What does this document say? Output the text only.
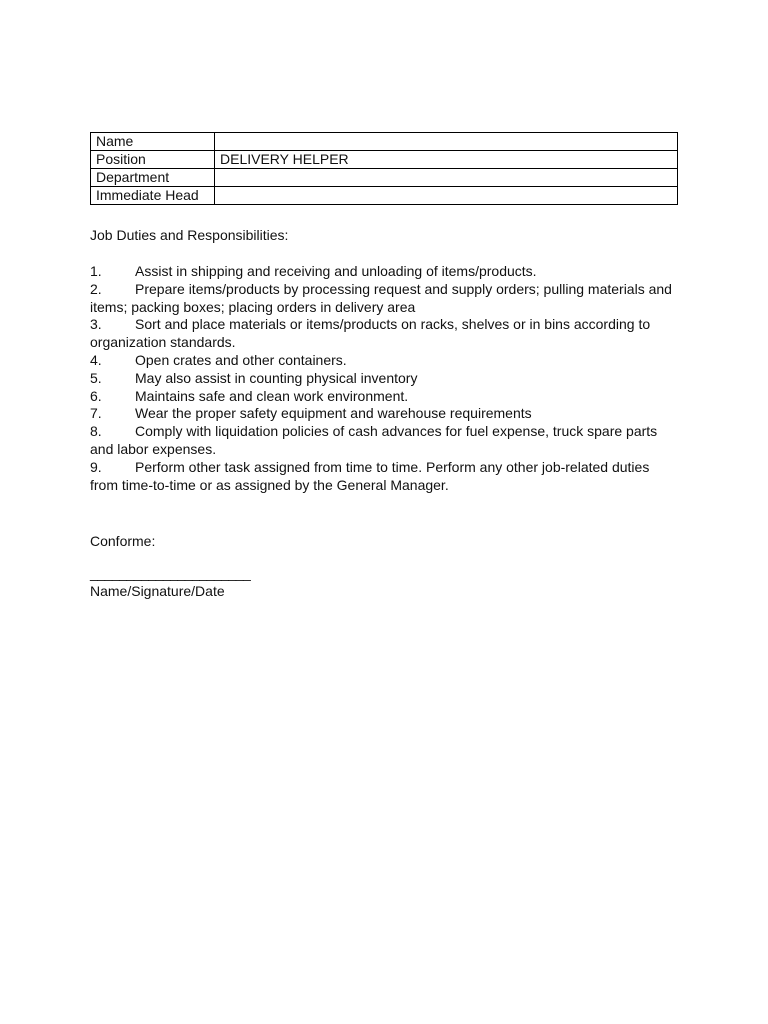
Name	
Position	DELIVERY HELPER
Department	
Immediate Head	
Job Duties and Responsibilities:
1. Assist in shipping and receiving and unloading of items/products.
2. Prepare items/products by processing request and supply orders; pulling materials and items; packing boxes; placing orders in delivery area
3. Sort and place materials or items/products on racks, shelves or in bins according to organization standards.
4. Open crates and other containers.
5. May also assist in counting physical inventory
6. Maintains safe and clean work environment.
7. Wear the proper safety equipment and warehouse requirements
8. Comply with liquidation policies of cash advances for fuel expense, truck spare parts and labor expenses.
9. Perform other task assigned from time to time. Perform any other job-related duties from time-to-time or as assigned by the General Manager.
Conforme:
______________________
Name/Signature/Date
